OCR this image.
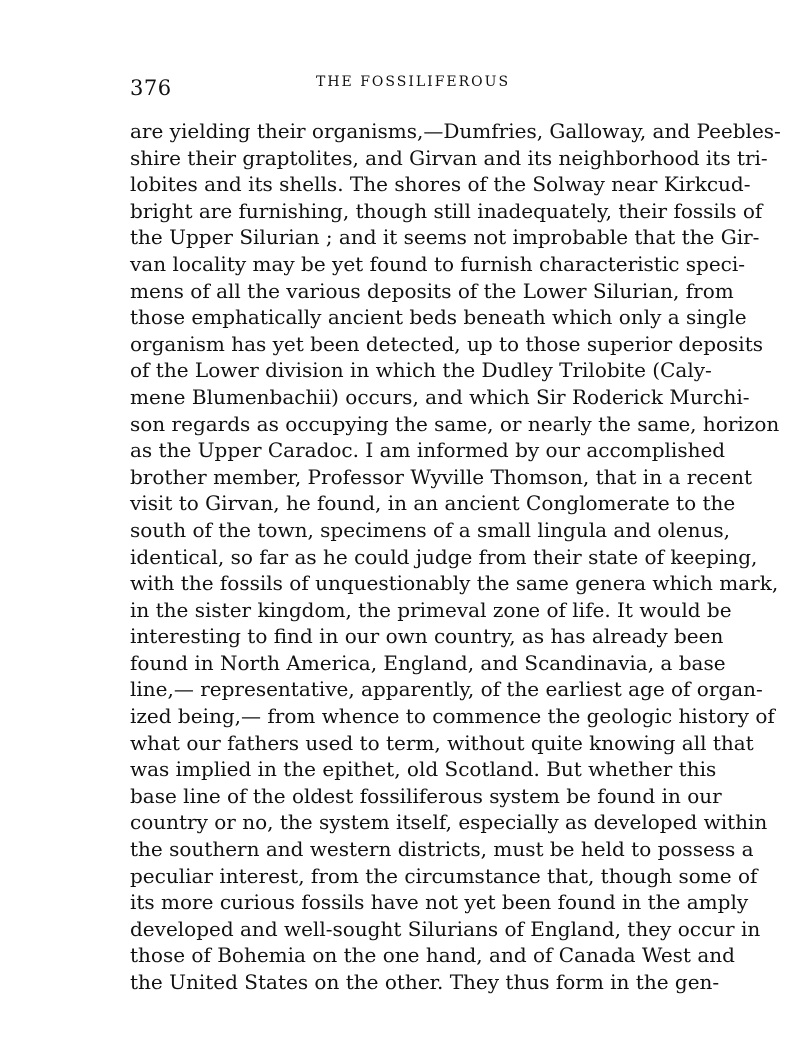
376	THE FOSSILIFEROUS
are yielding their organisms,—Dumfries, Galloway, and Peebles-
shire their graptolites, and Girvan and its neighborhood its tri-
lobites and its shells. The shores of the Solway near Kirkcud-
bright are furnishing, though still inadequately, their fossils of
the Upper Silurian ; and it seems not improbable that the Gir-
van locality may be yet found to furnish characteristic speci-
mens of all the various deposits of the Lower Silurian, from
those emphatically ancient beds beneath which only a single
organism has yet been detected, up to those superior deposits
of the Lower division in which the Dudley Trilobite (Caly-
mene Blumenbachii) occurs, and which Sir Roderick Murchi-
son regards as occupying the same, or nearly the same, horizon
as the Upper Caradoc. I am informed by our accomplished
brother member, Professor Wyville Thomson, that in a recent
visit to Girvan, he found, in an ancient Conglomerate to the
south of the town, specimens of a small lingula and olenus,
identical, so far as he could judge from their state of keeping,
with the fossils of unquestionably the same genera which mark,
in the sister kingdom, the primeval zone of life. It would be
interesting to find in our own country, as has already been
found in North America, England, and Scandinavia, a base
line,— representative, apparently, of the earliest age of organ-
ized being,— from whence to commence the geologic history of
what our fathers used to term, without quite knowing all that
was implied in the epithet, old Scotland. But whether this
base line of the oldest fossiliferous system be found in our
country or no, the system itself, especially as developed within
the southern and western districts, must be held to possess a
peculiar interest, from the circumstance that, though some of
its more curious fossils have not yet been found in the amply
developed and well-sought Silurians of England, they occur in
those of Bohemia on the one hand, and of Canada West and
the United States on the other. They thus form in the gen-
